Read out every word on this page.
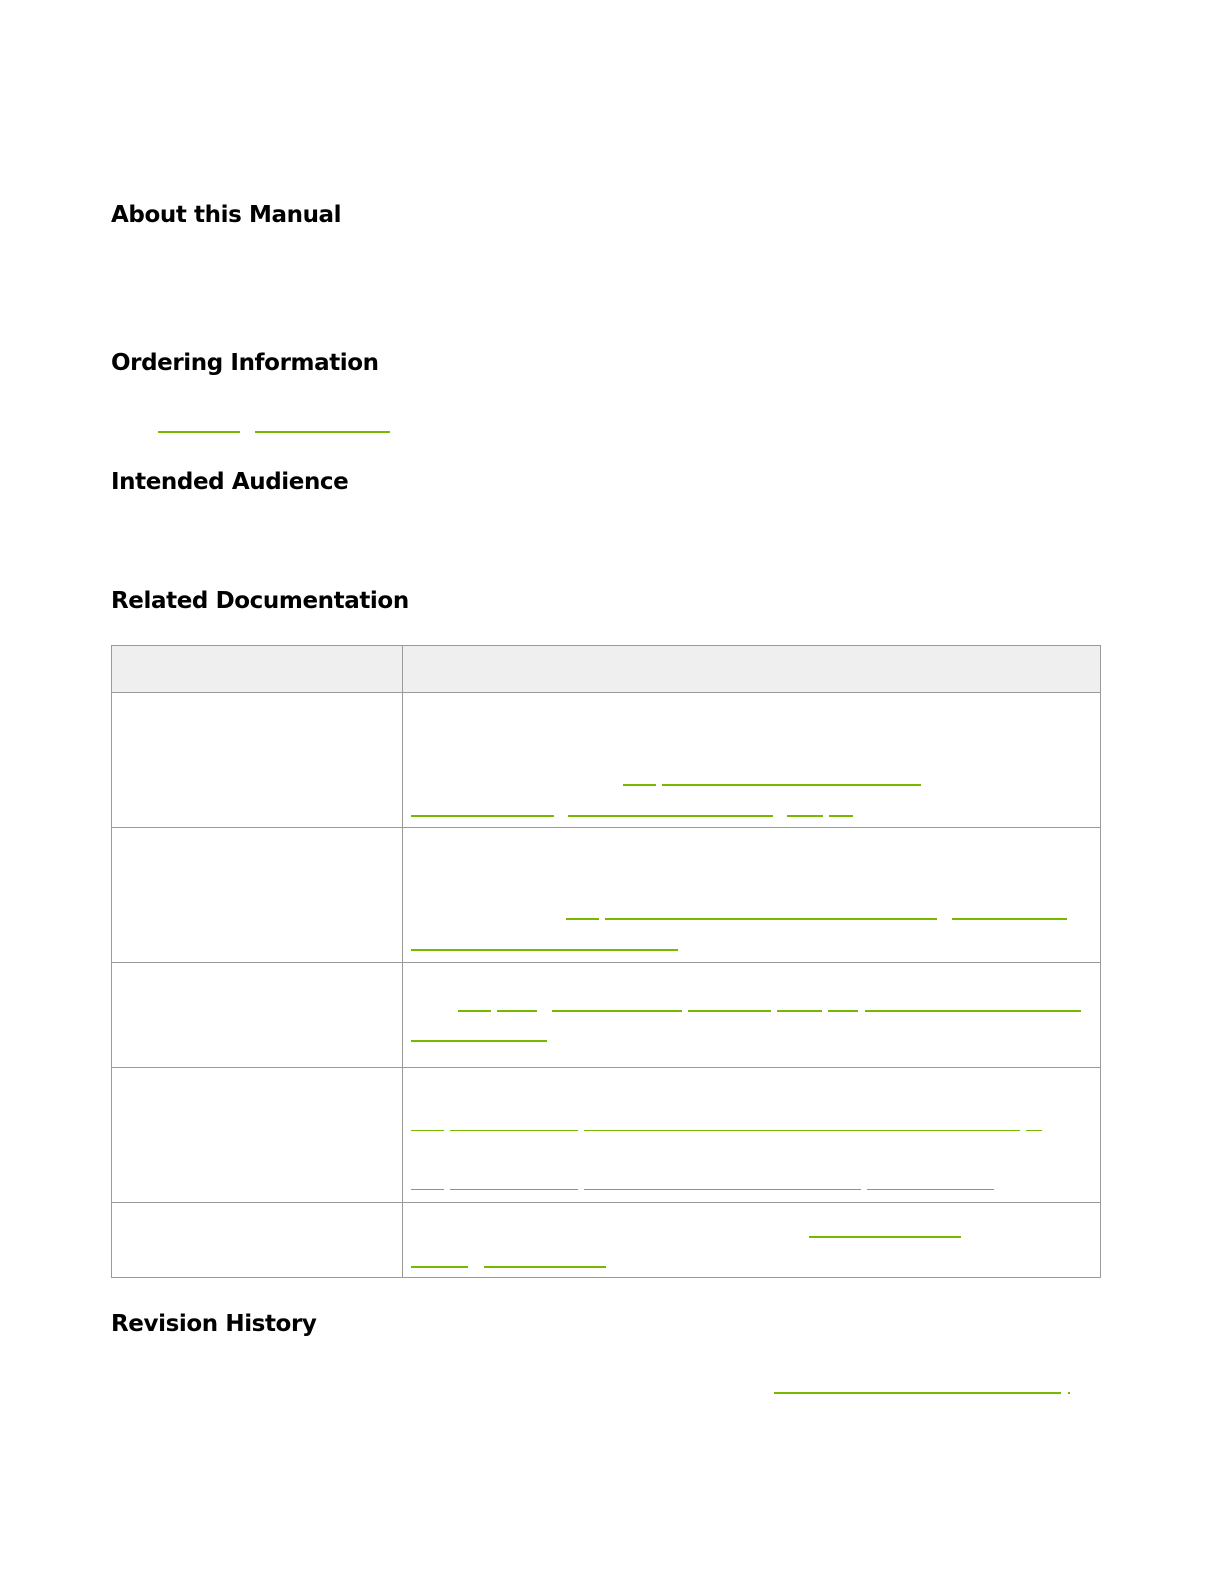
About this Manual
Ordering Information
Intended Audience
Related Documentation
Revision History
